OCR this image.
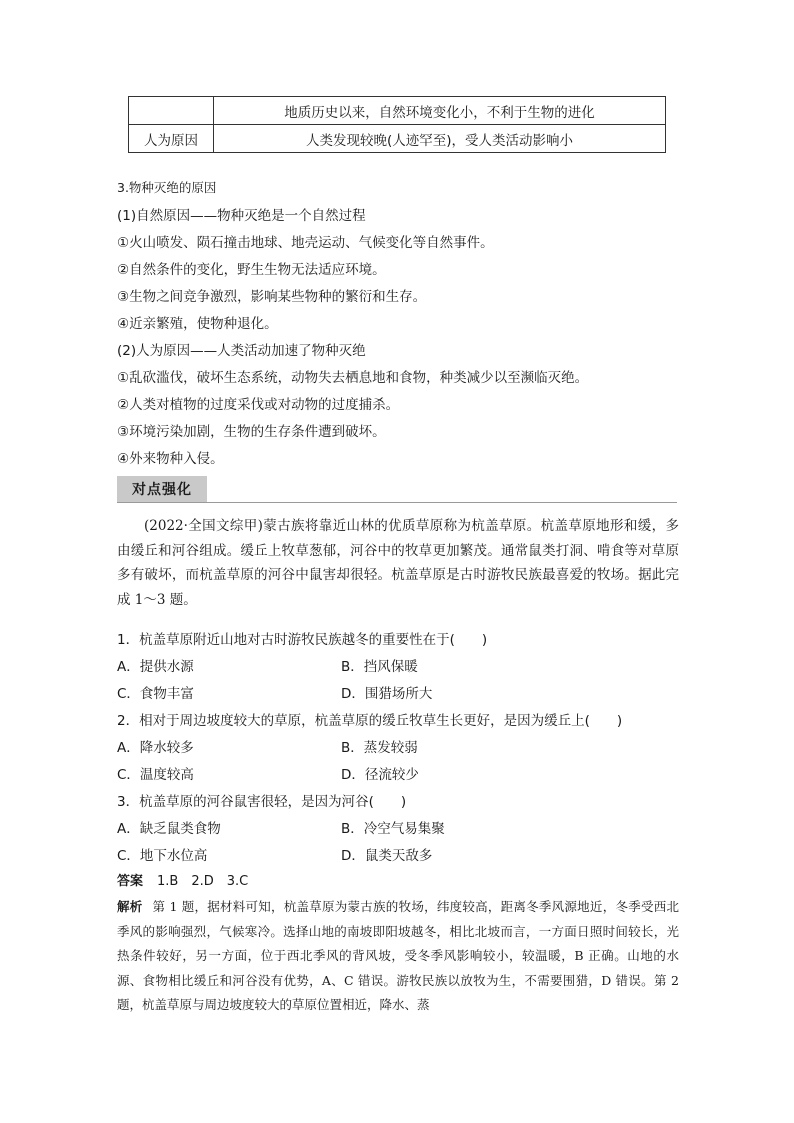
	地质历史以来，自然环境变化小，不利于生物的进化
人为原因	人类发现较晚(人迹罕至)，受人类活动影响小
3.物种灭绝的原因
(1)自然原因——物种灭绝是一个自然过程
①火山喷发、陨石撞击地球、地壳运动、气候变化等自然事件。
②自然条件的变化，野生生物无法适应环境。
③生物之间竞争激烈，影响某些物种的繁衍和生存。
④近亲繁殖，使物种退化。
(2)人为原因——人类活动加速了物种灭绝
①乱砍滥伐，破坏生态系统，动物失去栖息地和食物，种类减少以至濒临灭绝。
②人类对植物的过度采伐或对动物的过度捕杀。
③环境污染加剧，生物的生存条件遭到破坏。
④外来物种入侵。
对点强化
(2022·全国文综甲)蒙古族将靠近山林的优质草原称为杭盖草原。杭盖草原地形和缓，多由缓丘和河谷组成。缓丘上牧草葱郁，河谷中的牧草更加繁茂。通常鼠类打洞、啃食等对草原多有破坏，而杭盖草原的河谷中鼠害却很轻。杭盖草原是古时游牧民族最喜爱的牧场。据此完成 1～3 题。
1．杭盖草原附近山地对古时游牧民族越冬的重要性在于(　　)
A．提供水源	B．挡风保暖
C．食物丰富	D．围猎场所大
2．相对于周边坡度较大的草原，杭盖草原的缓丘牧草生长更好，是因为缓丘上(　　)
A．降水较多	B．蒸发较弱
C．温度较高	D．径流较少
3．杭盖草原的河谷鼠害很轻，是因为河谷(　　)
A．缺乏鼠类食物	B．冷空气易集聚
C．地下水位高	D．鼠类天敌多
答案 1.B　2.D　3.C
解析 第 1 题，据材料可知，杭盖草原为蒙古族的牧场，纬度较高，距离冬季风源地近，冬季受西北季风的影响强烈，气候寒冷。选择山地的南坡即阳坡越冬，相比北坡而言，一方面日照时间较长，光热条件较好，另一方面，位于西北季风的背风坡，受冬季风影响较小，较温暖，B 正确。山地的水源、食物相比缓丘和河谷没有优势，A、C 错误。游牧民族以放牧为生，不需要围猎，D 错误。第 2 题，杭盖草原与周边坡度较大的草原位置相近，降水、蒸
